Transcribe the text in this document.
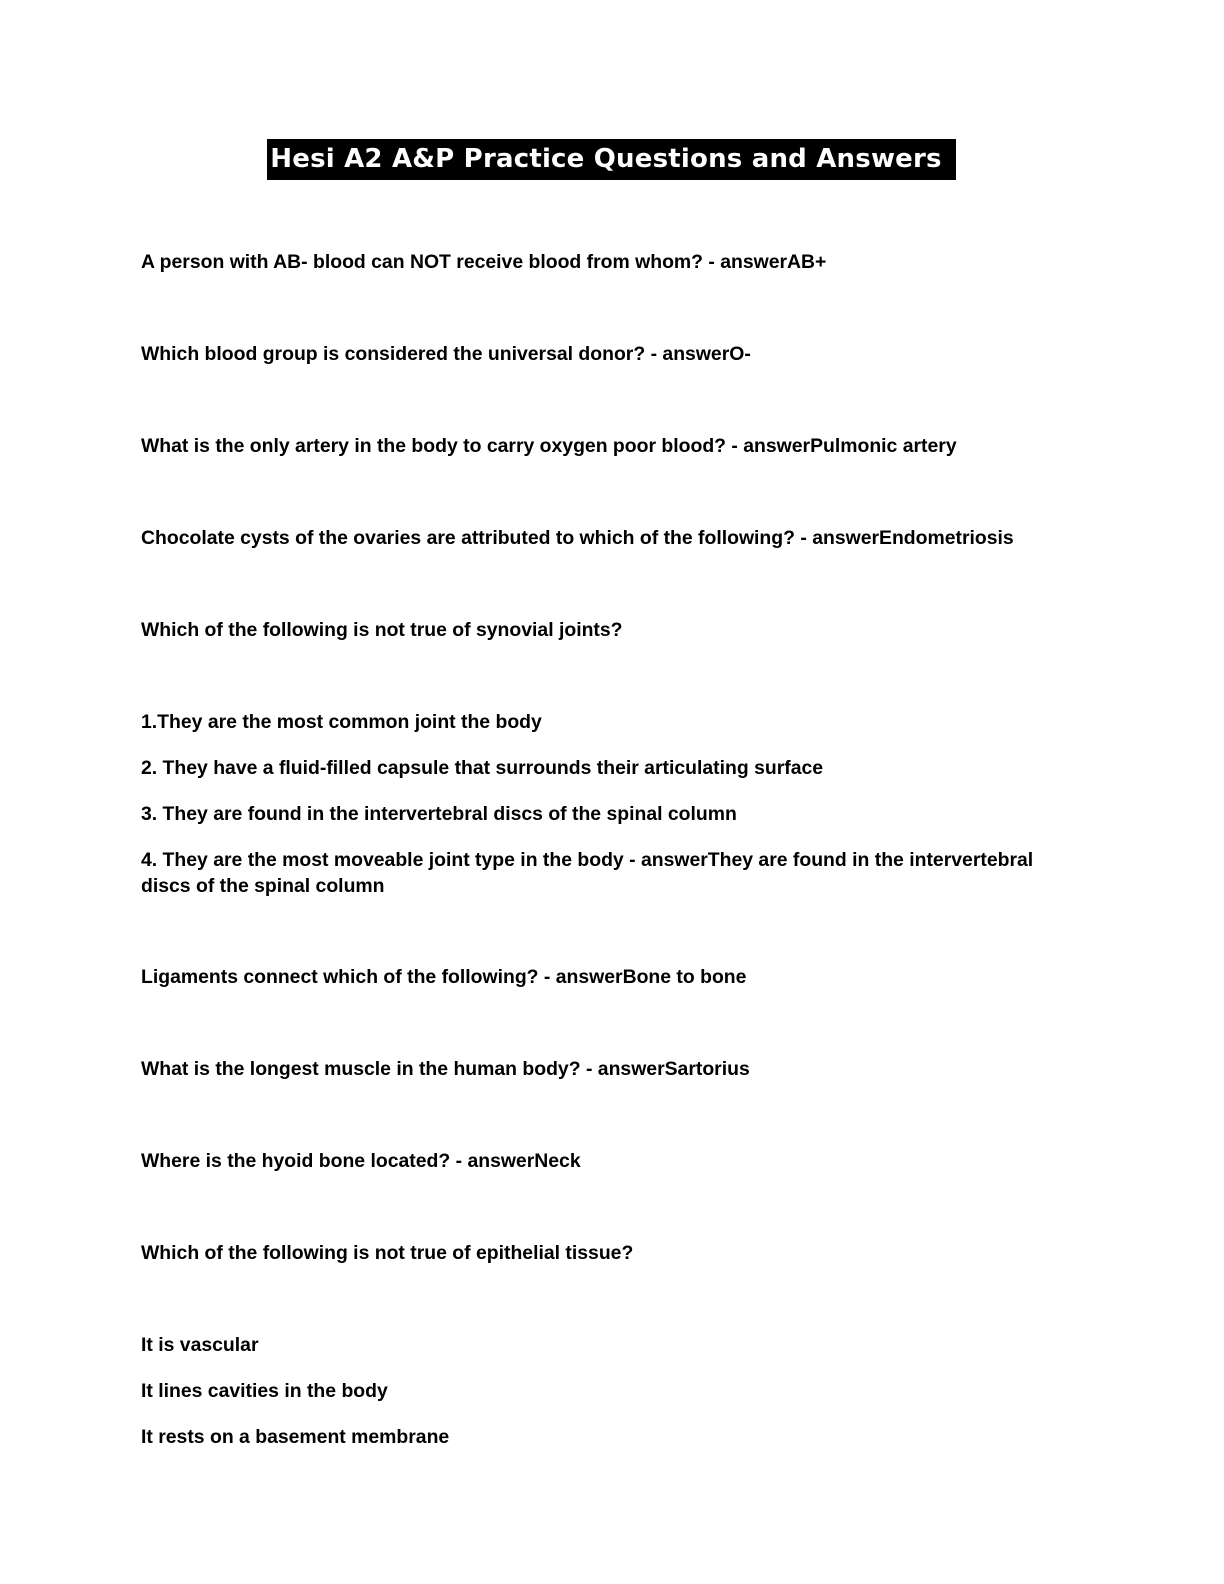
Hesi A2 A&P Practice Questions and Answers
A person with AB- blood can NOT receive blood from whom? - answerAB+
Which blood group is considered the universal donor? - answerO-
What is the only artery in the body to carry oxygen poor blood? - answerPulmonic artery
Chocolate cysts of the ovaries are attributed to which of the following? - answerEndometriosis
Which of the following is not true of synovial joints?
1.They are the most common joint the body
2. They have a fluid-filled capsule that surrounds their articulating surface
3. They are found in the intervertebral discs of the spinal column
4. They are the most moveable joint type in the body - answerThey are found in the intervertebral discs of the spinal column
Ligaments connect which of the following? - answerBone to bone
What is the longest muscle in the human body? - answerSartorius
Where is the hyoid bone located? - answerNeck
Which of the following is not true of epithelial tissue?
It is vascular
It lines cavities in the body
It rests on a basement membrane
